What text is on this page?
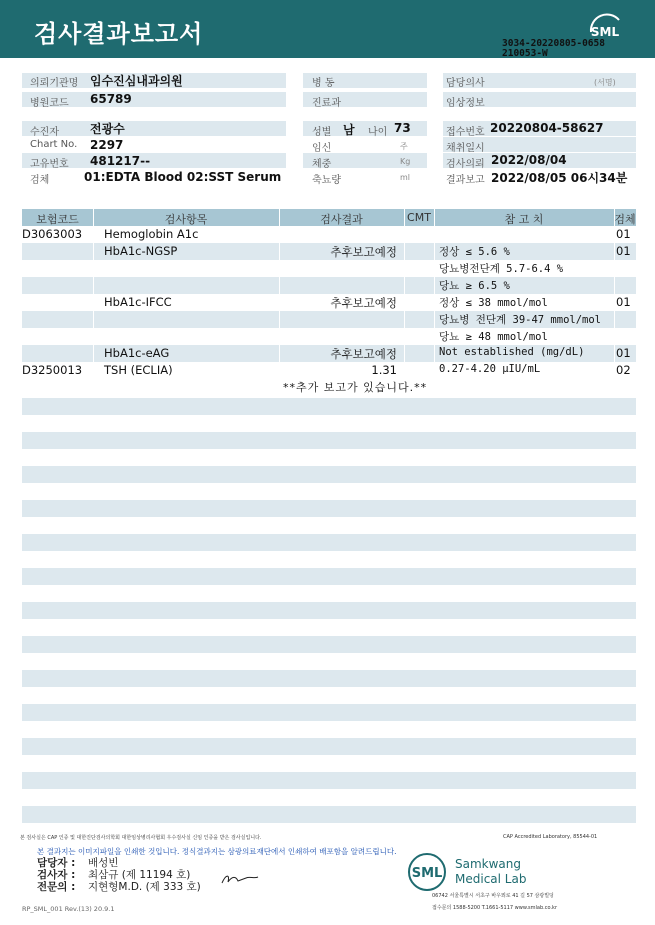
검사결과보고서	SML
3034-20220805-0658
210053-W
의뢰기관명 임수진심내과의원
병원코드 65789
병 동
진료과
담당의사	(서명)
임상정보
수진자	전광수
Chart No. 2297
고유번호 481217--
검체	01:EDTA Blood 02:SST Serum
성별 남 나이 73
임신	주
체중	Kg
축뇨량	ml
접수번호 20220804-58627
채취일시
검사의뢰 2022/08/04
결과보고 2022/08/05 06시34분
보험코드	검사항목	검사결과	CMT	참 고 치	검체
D3063003 Hemoglobin A1c	01
HbA1c-NGSP	추후보고예정	정상 ≤ 5.6 %	01
당뇨병전단계 5.7-6.4 %
당뇨 ≥ 6.5 %
HbA1c-IFCC	추후보고예정	정상 ≤ 38 mmol/mol	01
당뇨병 전단계 39-47 mmol/mol
당뇨 ≥ 48 mmol/mol
HbA1c-eAG	추후보고예정	Not established (mg/dL)	01
D3250013 TSH (ECLIA)	1.31	0.27-4.20 μIU/mL	02
**추가 보고가 있습니다.**
본 검사실은 CAP 인증 및 대한진단검사의학회 대한임상병리사협회 우수검사실 신임 인증을 받은 검사실입니다.	CAP Accredited Laboratory, 85544-01
본 결과지는 이미지파일을 인쇄한 것입니다. 정식결과지는 삼광의료재단에서 인쇄하여 배포함을 알려드립니다.
담당자 : 배성빈
검사자 : 최삼규 (제 11194 호)
전문의 : 지현형M.D. (제 333 호)
RP_SML_001 Rev.(13) 20.9.1
SML
Samkwang
Medical Lab
06742 서울특별시 서초구 바우뫼로 41 길 57 삼광빌딩
접수문의 1588-5200 T.1661-5117 www.smlab.co.kr
